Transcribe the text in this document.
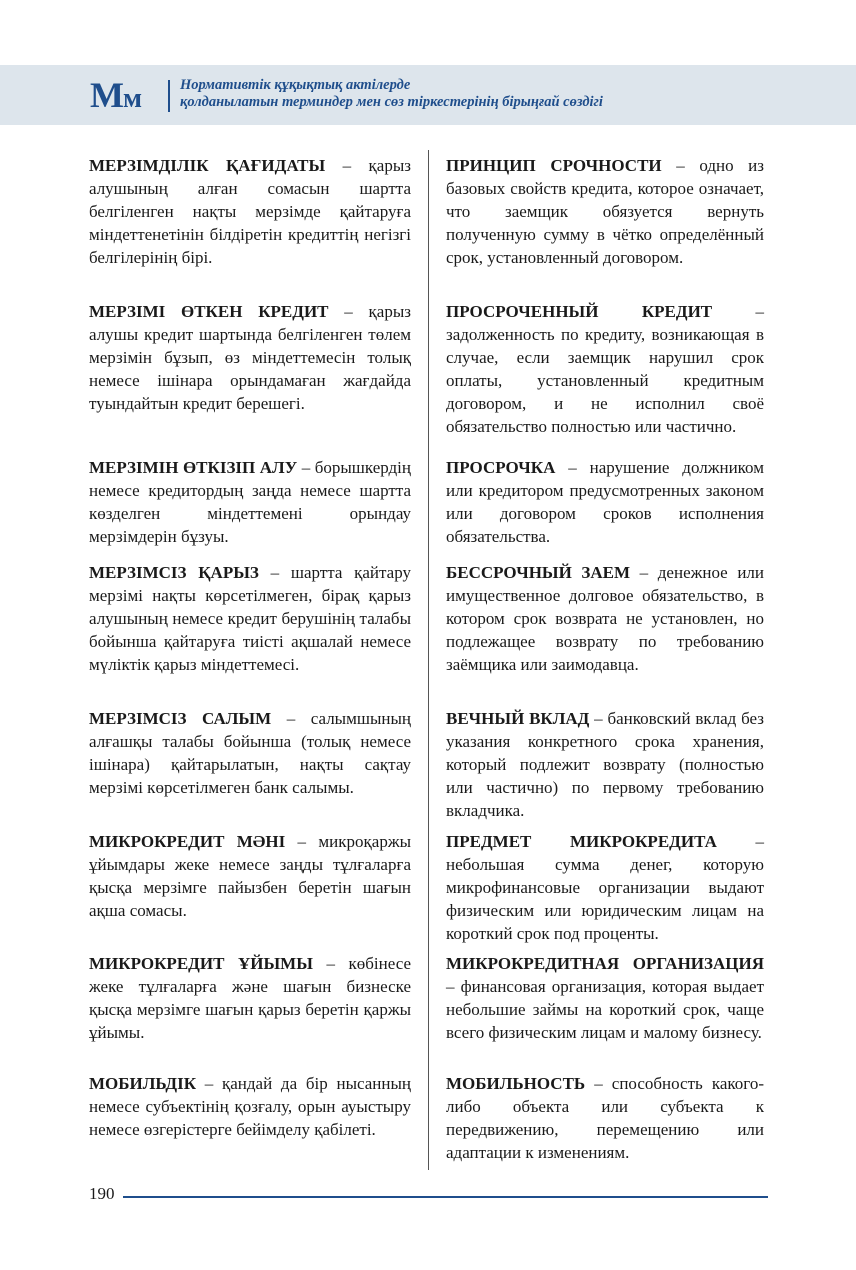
Мм	Нормативтік құқықтық актілерде
қолданылатын терминдер мен сөз тіркестерінің бірыңғай сөздігі
МЕРЗІМДІЛІК ҚАҒИДАТЫ – қарыз алушының алған сомасын шартта белгіленген нақты мерзімде қайтаруға міндеттенетінін білдіретін кредиттің негізгі белгілерінің бірі.
МЕРЗІМІ ӨТКЕН КРЕДИТ – қарыз алушы кредит шартында белгіленген төлем мерзімін бұзып, өз міндеттемесін толық немесе ішінара орындамаған жағдайда туындайтын кредит берешегі.
МЕРЗІМІН ӨТКІЗІП АЛУ – борышкердің немесе кредитордың заңда немесе шартта көзделген міндеттемені орындау мерзімдерін бұзуы.
МЕРЗІМСІЗ ҚАРЫЗ – шартта қайтару мерзімі нақты көрсетілмеген, бірақ қарыз алушының немесе кредит берушінің талабы бойынша қайтаруға тиісті ақшалай немесе мүліктік қарыз міндеттемесі.
МЕРЗІМСІЗ САЛЫМ – салымшының алғашқы талабы бойынша (толық немесе ішінара) қайтарылатын, нақты сақтау мерзімі көрсетілмеген банк салымы.
МИКРОКРЕДИТ МӘНІ – микроқаржы ұйымдары жеке немесе заңды тұлғаларға қысқа мерзімге пайызбен беретін шағын ақша сомасы.
МИКРОКРЕДИТ ҰЙЫМЫ – көбінесе жеке тұлғаларға және шағын бизнеске қысқа мерзімге шағын қарыз беретін қаржы ұйымы.
МОБИЛЬДІК – қандай да бір нысанның немесе субъектінің қозғалу, орын ауыстыру немесе өзгерістерге бейімделу қабілеті.
ПРИНЦИП СРОЧНОСТИ – одно из базовых свойств кредита, которое означает, что заемщик обязуется вернуть полученную сумму в чётко определённый срок, установленный договором.
ПРОСРОЧЕННЫЙ КРЕДИТ – задолженность по кредиту, возникающая в случае, если заемщик нарушил срок оплаты, установленный кредитным договором, и не исполнил своё обязательство полностью или частично.
ПРОСРОЧКА – нарушение должником или кредитором предусмотренных законом или договором сроков исполнения обязательства.
БЕССРОЧНЫЙ ЗАЕМ – денежное или имущественное долговое обязательство, в котором срок возврата не установлен, но подлежащее возврату по требованию заёмщика или заимодавца.
ВЕЧНЫЙ ВКЛАД – банковский вклад без указания конкретного срока хранения, который подлежит возврату (полностью или частично) по первому требованию вкладчика.
ПРЕДМЕТ МИКРОКРЕДИТА – небольшая сумма денег, которую микрофинансовые организации выдают физическим или юридическим лицам на короткий срок под проценты.
МИКРОКРЕДИТНАЯ ОРГАНИЗАЦИЯ – финансовая организация, которая выдает небольшие займы на короткий срок, чаще всего физическим лицам и малому бизнесу.
МОБИЛЬНОСТЬ – способность какого-либо объекта или субъекта к передвижению, перемещению или адаптации к изменениям.
190
